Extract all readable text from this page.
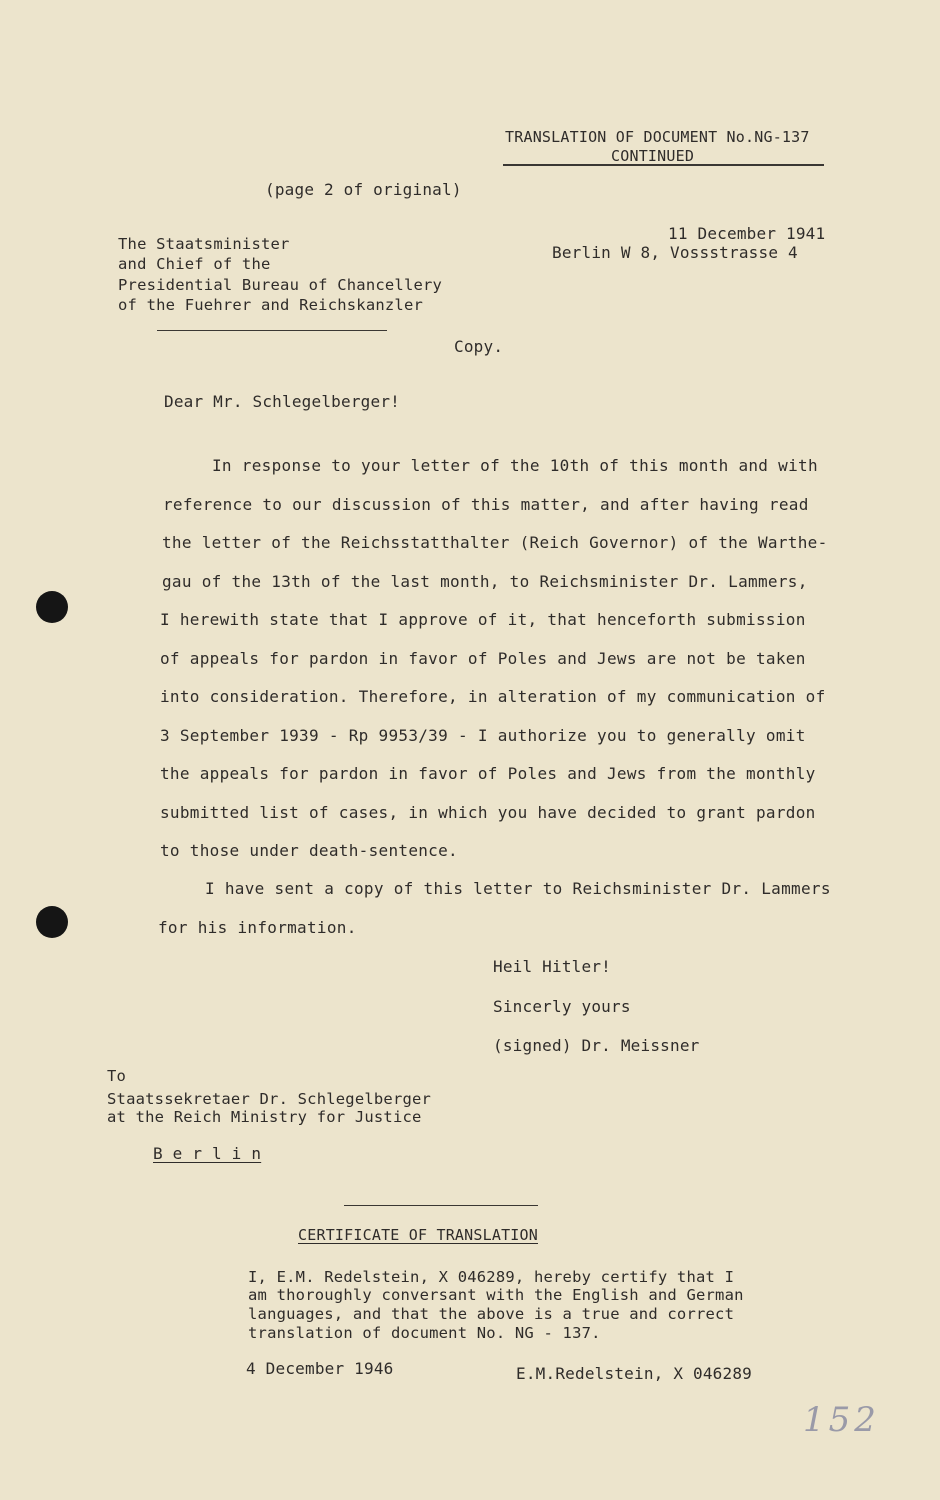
TRANSLATION OF DOCUMENT No.NG-137
CONTINUED
(page 2 of original)
The Staatsminister
and Chief of the
Presidential Bureau of Chancellery
of the Fuehrer and Reichskanzler
11 December 1941
Berlin W 8, Vossstrasse 4
Copy.
Dear Mr. Schlegelberger!
In response to your letter of the 10th of this month and with
reference to our discussion of this matter, and after having read
the letter of the Reichsstatthalter (Reich Governor) of the Warthe-
gau of the 13th of the last month, to Reichsminister Dr. Lammers,
I herewith state that I approve of it, that henceforth submission
of appeals for pardon in favor of Poles and Jews are not be taken
into consideration. Therefore, in alteration of my communication of
3 September 1939 - Rp 9953/39 - I authorize you to generally omit
the appeals for pardon in favor of Poles and Jews from the monthly
submitted list of cases, in which you have decided to grant pardon
to those under death-sentence.
I have sent a copy of this letter to Reichsminister Dr. Lammers
for his information.
Heil Hitler!
Sincerly yours
(signed) Dr. Meissner
To
Staatssekretaer Dr. Schlegelberger
at the Reich Ministry for Justice
B e r l i n
CERTIFICATE OF TRANSLATION
I, E.M. Redelstein, X 046289, hereby certify that I
am thoroughly conversant with the English and German
languages, and that the above is a true and correct
translation of document No. NG - 137.
4 December 1946	E.M.Redelstein, X 046289
152
